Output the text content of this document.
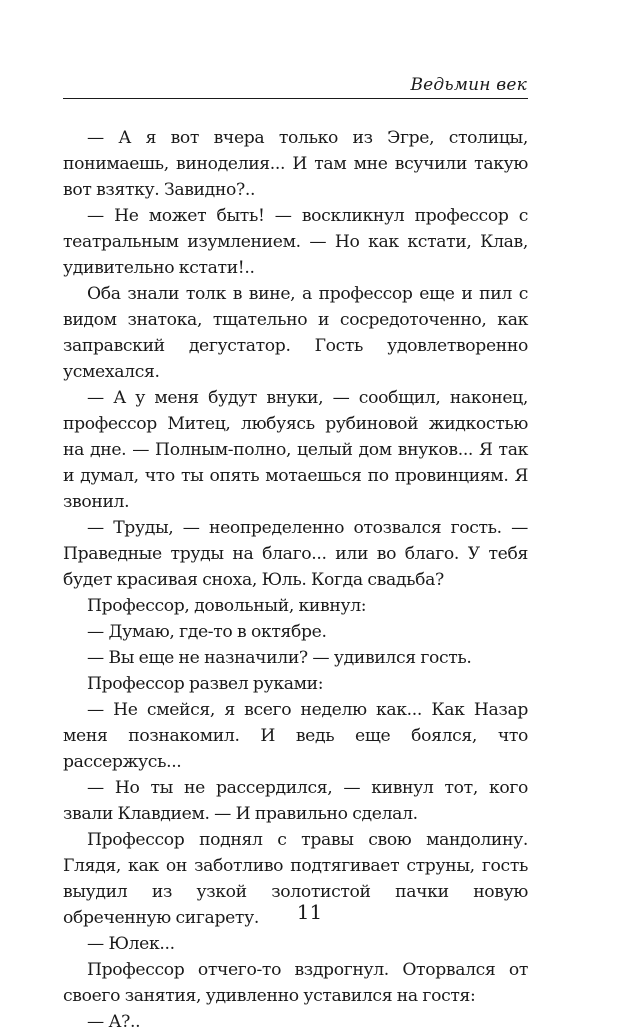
Ведьмин век

— А я вот вчера только из Эгре, столицы, понимаешь, виноделия... И там мне всучили такую вот взятку. Завидно?..

— Не может быть! — воскликнул профессор с театральным изумлением. — Но как кстати, Клав, удивительно кстати!..

Оба знали толк в вине, а профессор еще и пил с видом знатока, тщательно и сосредоточенно, как заправский дегустатор. Гость удовлетворенно усмехался.

— А у меня будут внуки, — сообщил, наконец, профессор Митец, любуясь рубиновой жидкостью на дне. — Полным-полно, целый дом внуков... Я так и думал, что ты опять мотаешься по провинциям. Я звонил.

— Труды, — неопределенно отозвался гость. — Праведные труды на благо... или во благо. У тебя будет красивая сноха, Юль. Когда свадьба?

Профессор, довольный, кивнул:

— Думаю, где-то в октябре.

— Вы еще не назначили? — удивился гость.

Профессор развел руками:

— Не смейся, я всего неделю как... Как Назар меня познакомил. И ведь еще боялся, что рассержусь...

— Но ты не рассердился, — кивнул тот, кого звали Клавдием. — И правильно сделал.

Профессор поднял с травы свою мандолину. Глядя, как он заботливо подтягивает струны, гость выудил из узкой золотистой пачки новую обреченную сигарету.

— Юлек...

Профессор отчего-то вздрогнул. Оторвался от своего занятия, удивленно уставился на гостя:

— А?..

11
